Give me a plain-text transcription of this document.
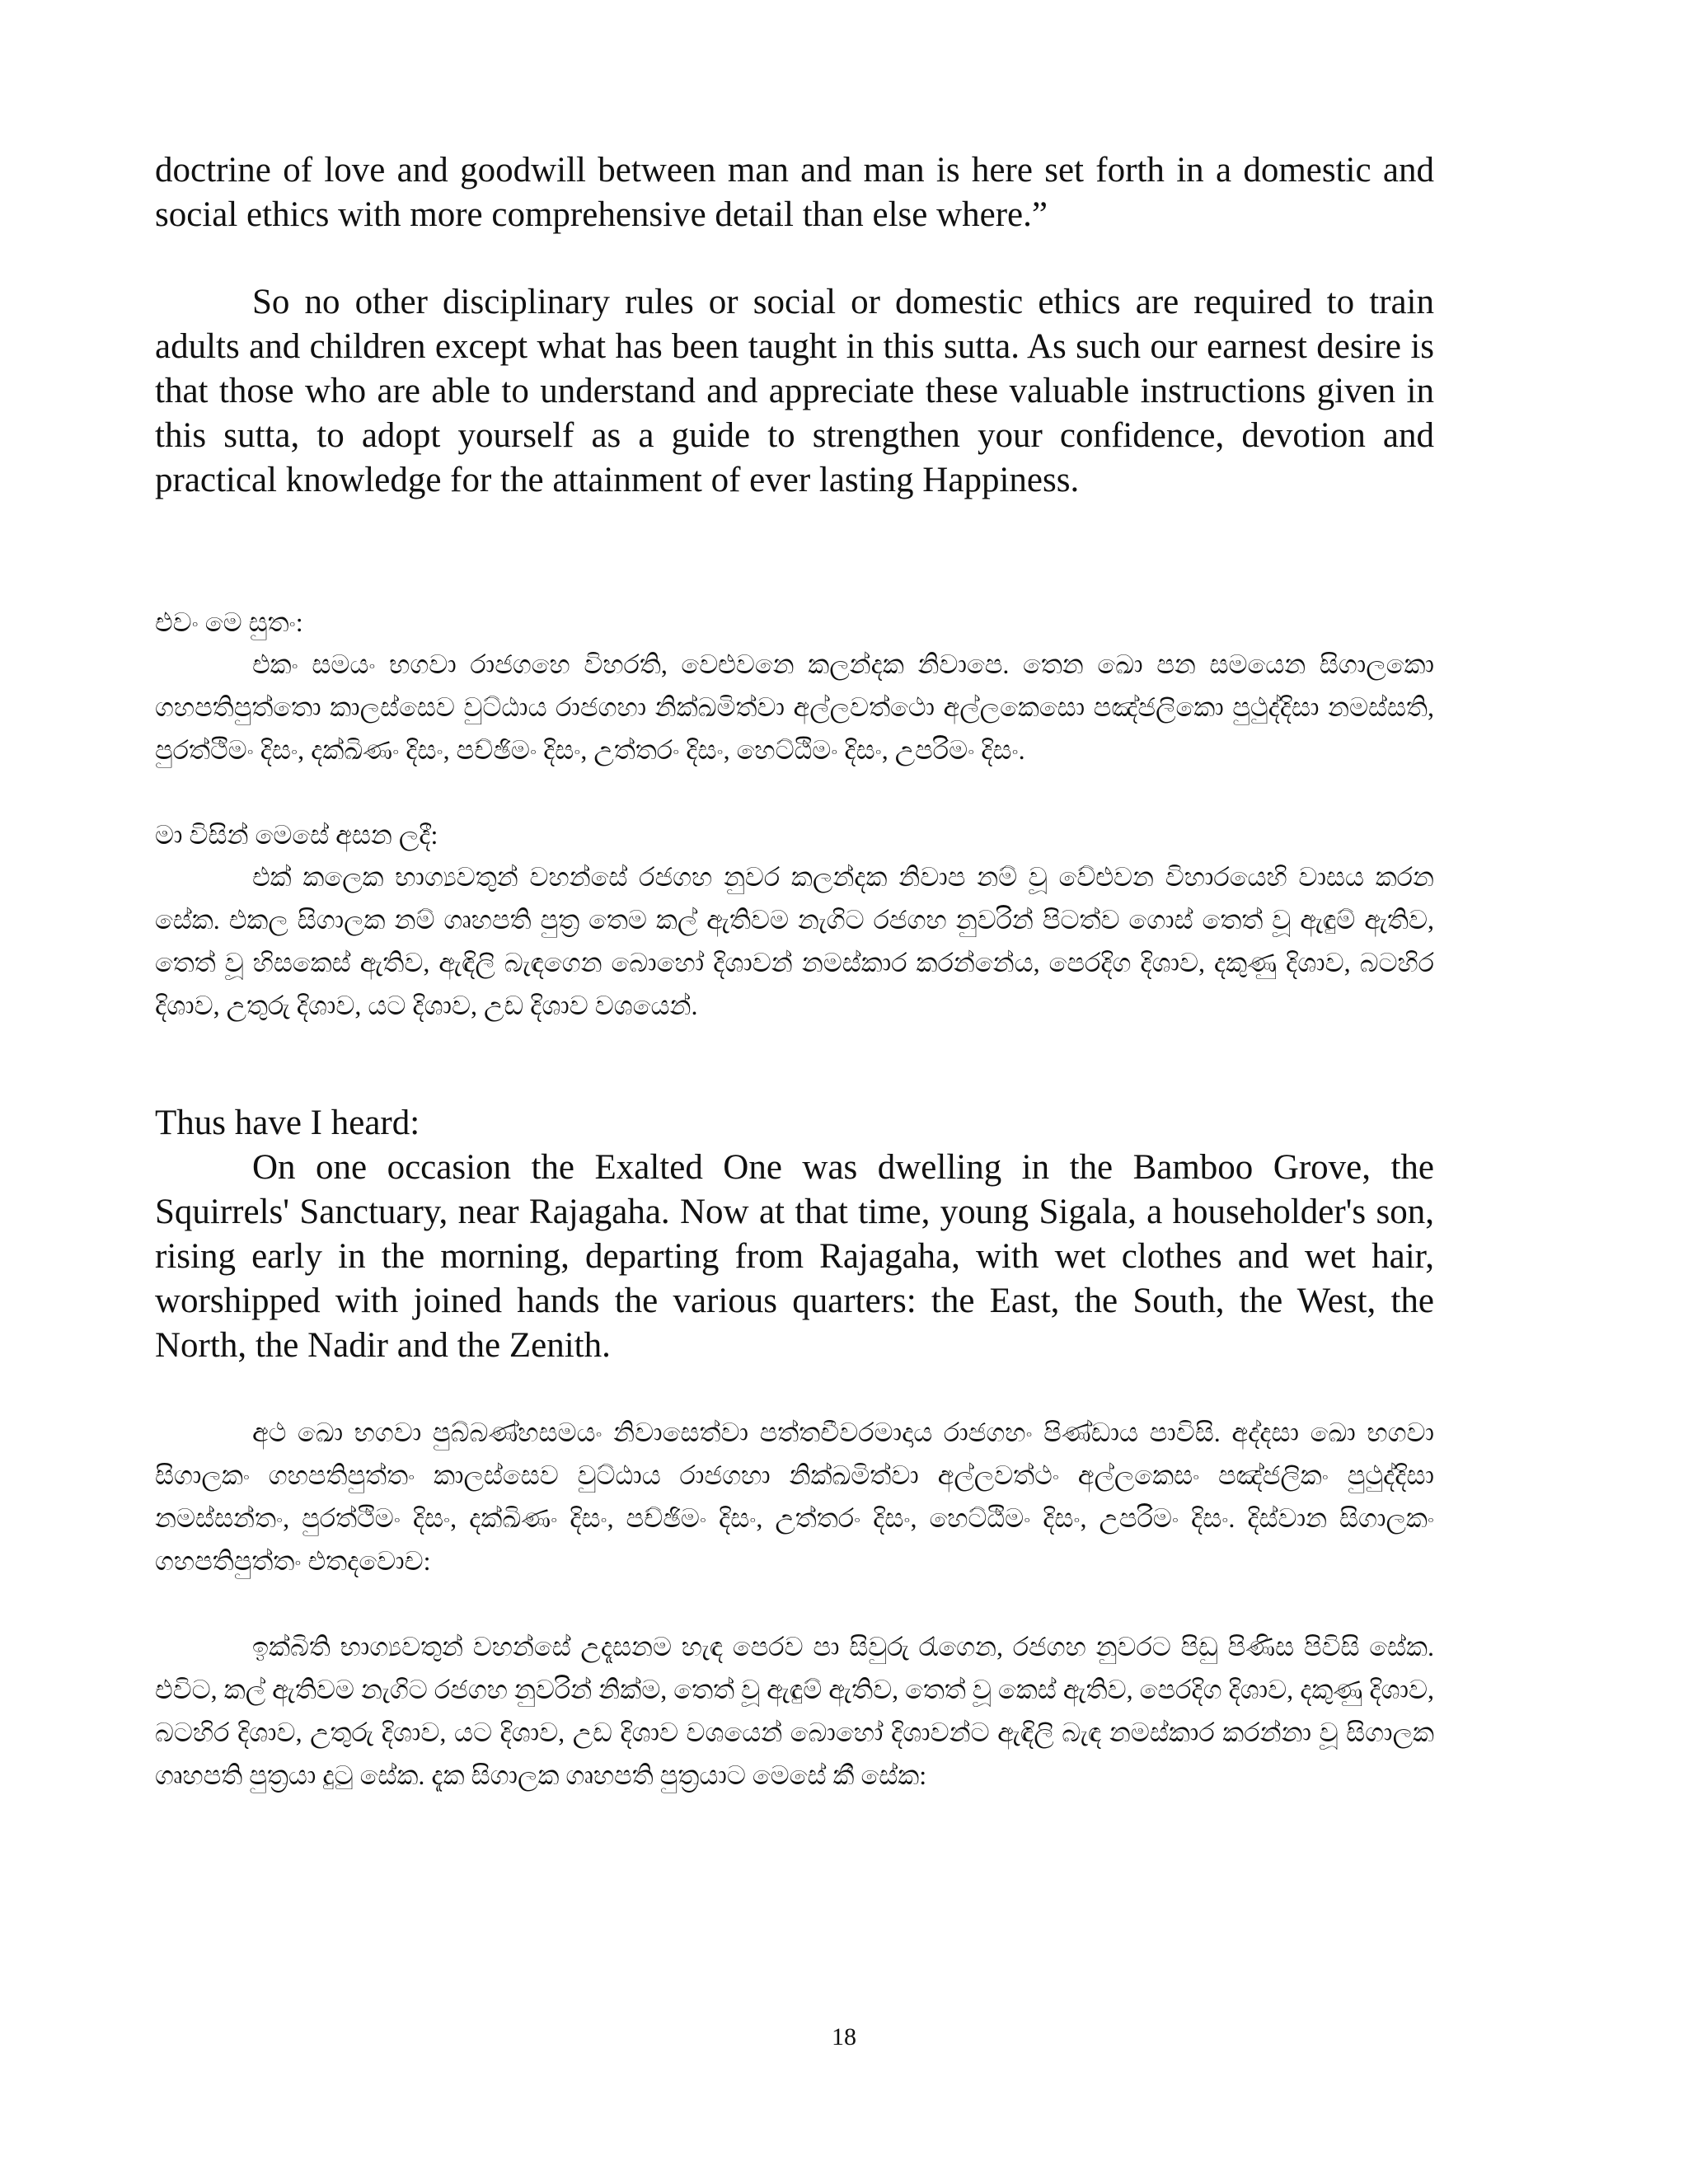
doctrine of love and goodwill between man and man is here set forth in a domestic and social ethics with more comprehensive detail than else where.”

So no other disciplinary rules or social or domestic ethics are required to train adults and children except what has been taught in this sutta. As such our earnest desire is that those who are able to understand and appreciate these valuable instructions given in this sutta, to adopt yourself as a guide to strengthen your confidence, devotion and practical knowledge for the attainment of ever lasting Happiness.

එවං මෙ සුතං:

එකං සමයං භගවා රාජගහෙ විහරති, වෙළුවනෙ කලන්දක නිවාපෙ. තෙන ඛො පන සමයෙන සිගාලකො ගහපතිපුත්තො කාලස්සෙව වුට්ඨාය රාජගහා නික්ඛමිත්වා අල්ලවත්ථො අල්ලකෙසො පඤ්ජලිකො පුථුද්දිසා නමස්සති, පුරත්ථිමං දිසං, දක්ඛිණං දිසං, පච්ඡිමං දිසං, උත්තරං දිසං, හෙට්ඨිමං දිසං, උපරිමං දිසං.

මා විසින් මෙසේ අසන ලදී:

එක් කලෙක භාග්‍යවතුන් වහන්සේ රජගහ නුවර කලන්දක නිවාප නම් වූ වේළුවන විහාරයෙහි වාසය කරන සේක. එකල සිගාලක නම් ගෘහපති පුත්‍ර තෙම කල් ඇතිවම නැගිට රජගහ නුවරින් පිටත්ව ගොස් තෙත් වූ ඇඳුම් ඇතිව, තෙත් වූ හිසකෙස් ඇතිව, ඇඳිලි බැඳගෙන බොහෝ දිශාවන් නමස්කාර කරන්නේය, පෙරදිග දිශාව, දකුණු දිශාව, බටහිර දිශාව, උතුරු දිශාව, යට දිශාව, උඩ දිශාව වශයෙන්.

Thus have I heard:

On one occasion the Exalted One was dwelling in the Bamboo Grove, the Squirrels' Sanctuary, near Rajagaha. Now at that time, young Sigala, a householder's son, rising early in the morning, departing from Rajagaha, with wet clothes and wet hair, worshipped with joined hands the various quarters: the East, the South, the West, the North, the Nadir and the Zenith.

අථ ඛො භගවා පුබ්බණ්හසමයං නිවාසෙත්වා පත්තචීවරමාදාය රාජගහං පිණ්ඩාය පාවිසි. අද්දසා ඛො භගවා සිගාලකං ගහපතිපුත්තං කාලස්සෙව වුට්ඨාය රාජගහා නික්ඛමිත්වා අල්ලවත්ථං අල්ලකෙසං පඤ්ජලිකං පුථුද්දිසා නමස්සන්තං, පුරත්ථිමං දිසං, දක්ඛිණං දිසං, පච්ඡිමං දිසං, උත්තරං දිසං, හෙට්ඨිමං දිසං, උපරිමං දිසං. දිස්වාන සිගාලකං ගහපතිපුත්තං එතදවොච:

ඉක්බිති භාග්‍යවතුන් වහන්සේ උදෑසනම හැඳ පෙරව පා සිවුරු රැගෙන, රජගහ නුවරට පිඩු පිණිස පිවිසි සේක. එවිට, කල් ඇතිවම නැගිට රජගහ නුවරින් නික්ම, තෙත් වූ ඇඳුම් ඇතිව, තෙත් වූ කෙස් ඇතිව, පෙරදිග දිශාව, දකුණු දිශාව, බටහිර දිශාව, උතුරු දිශාව, යට දිශාව, උඩ දිශාව වශයෙන් බොහෝ දිශාවන්ට ඇඳිලි බැඳ නමස්කාර කරන්නා වූ සිගාලක ගෘහපති පුත්‍රයා දුටු සේක. දැක සිගාලක ගෘහපති පුත්‍රයාට මෙසේ කී සේක:

18
